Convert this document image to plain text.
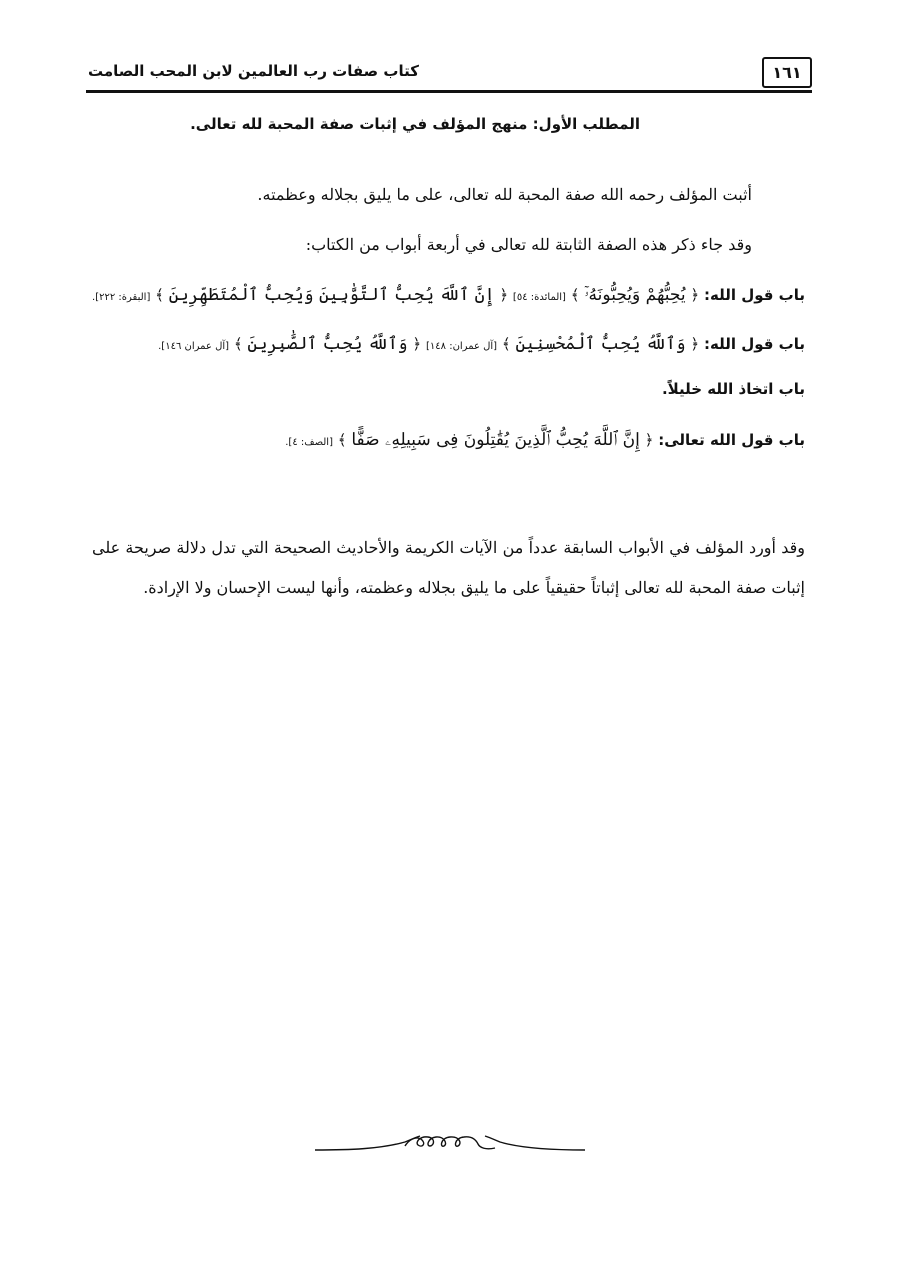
١٦١
كتاب صفات رب العالمين لابن المحب الصامت
المطلب الأول: منهج المؤلف في إثبات صفة المحبة لله تعالى.
أثبت المؤلف رحمه الله صفة المحبة لله تعالى، على ما يليق بجلاله وعظمته.
وقد جاء ذكر هذه الصفة الثابتة لله تعالى في أربعة أبواب من الكتاب:
باب قول الله: ﴿ يُحِبُّهُمْ وَيُحِبُّونَهُۥٓ ﴾ [المائدة: ٥٤] ﴿ إِنَّ ٱللَّهَ يُحِبُّ ٱلتَّوَّٰبِينَ وَيُحِبُّ ٱلْمُتَطَهِّرِينَ ﴾ [البقرة: ٢٢٢].
باب قول الله: ﴿ وَٱللَّهُ يُحِبُّ ٱلْمُحْسِنِينَ ﴾ [آل عمران: ١٤٨] ﴿ وَٱللَّهُ يُحِبُّ ٱلصَّٰبِرِينَ ﴾ [آل عمران ١٤٦].
باب اتخاذ الله خليلاً.
باب قول الله تعالى: ﴿ إِنَّ ٱللَّهَ يُحِبُّ ٱلَّذِينَ يُقَٰتِلُونَ فِى سَبِيلِهِۦ صَفًّا ﴾ [الصف: ٤].
وقد أورد المؤلف في الأبواب السابقة عدداً من الآيات الكريمة والأحاديث الصحيحة التي تدل دلالة صريحة على إثبات صفة المحبة لله تعالى إثباتاً حقيقياً على ما يليق بجلاله وعظمته، وأنها ليست الإحسان ولا الإرادة.
